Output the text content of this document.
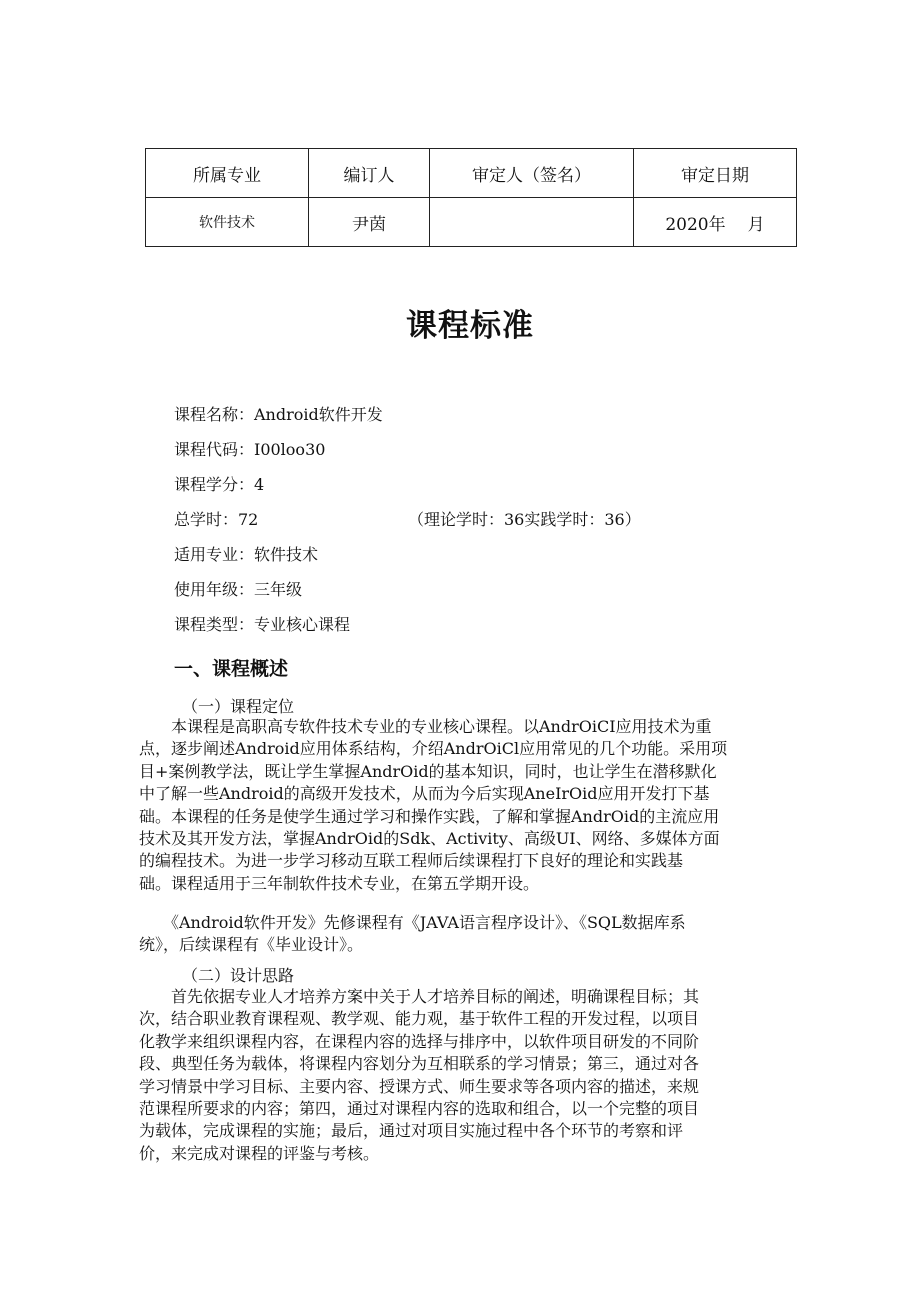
所属专业	编订人	审定人（签名）	审定日期
软件技术	尹茵		2020年 月
课程标准
课程名称：Android软件开发
课程代码：I00loo30
课程学分：4
总学时：72	（理论学时：36实践学时：36）
适用专业：软件技术
使用年级：三年级
课程类型：专业核心课程
一、课程概述
（一）课程定位
　　本课程是高职高专软件技术专业的专业核心课程。以AndrOiCI应用技术为重
点，逐步阐述Android应用体系结构，介绍AndrOiCl应用常见的几个功能。采用项
目+案例教学法，既让学生掌握AndrOid的基本知识，同时，也让学生在潜移默化
中了解一些Android的高级开发技术，从而为今后实现AneIrOid应用开发打下基
础。本课程的任务是使学生通过学习和操作实践，了解和掌握AndrOid的主流应用
技术及其开发方法，掌握AndrOid的Sdk、Activity、高级UI、网络、多媒体方面
的编程技术。为进一步学习移动互联工程师后续课程打下良好的理论和实践基
础。课程适用于三年制软件技术专业，在第五学期开设。
　　《Android软件开发》先修课程有《JAVA语言程序设计》、《SQL数据库系
统》，后续课程有《毕业设计》。
（二）设计思路
　　首先依据专业人才培养方案中关于人才培养目标的阐述，明确课程目标；其
次，结合职业教育课程观、教学观、能力观，基于软件工程的开发过程，以项目
化教学来组织课程内容，在课程内容的选择与排序中，以软件项目研发的不同阶
段、典型任务为载体，将课程内容划分为互相联系的学习情景；第三，通过对各
学习情景中学习目标、主要内容、授课方式、师生要求等各项内容的描述，来规
范课程所要求的内容；第四，通过对课程内容的选取和组合，以一个完整的项目
为载体，完成课程的实施；最后，通过对项目实施过程中各个环节的考察和评
价，来完成对课程的评鉴与考核。
